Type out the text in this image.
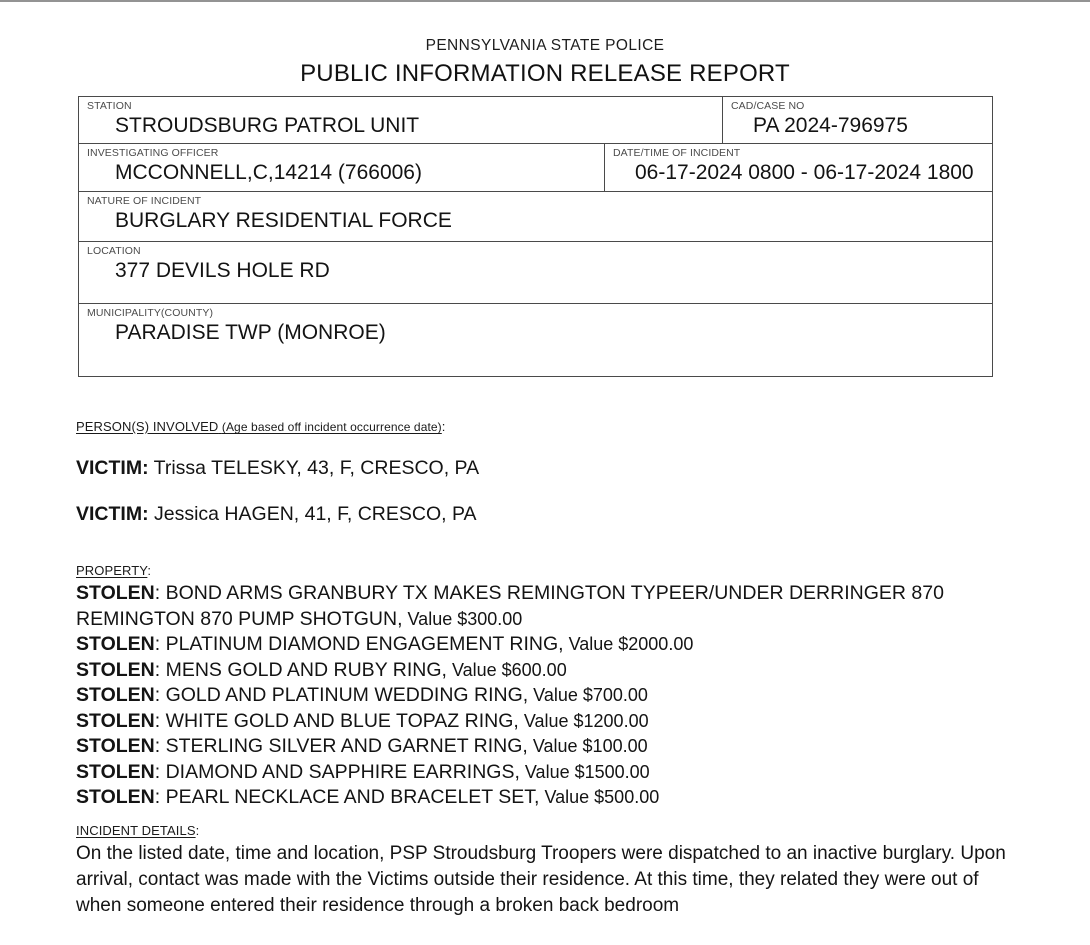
PENNSYLVANIA STATE POLICE
PUBLIC INFORMATION RELEASE REPORT
STATION
STROUDSBURG PATROL UNIT
CAD/CASE NO
PA 2024-796975
INVESTIGATING OFFICER
MCCONNELL,C,14214 (766006)
DATE/TIME OF INCIDENT
06-17-2024 0800 - 06-17-2024 1800
NATURE OF INCIDENT
BURGLARY RESIDENTIAL FORCE
LOCATION
377 DEVILS HOLE RD
MUNICIPALITY(COUNTY)
PARADISE TWP (MONROE)
PERSON(S) INVOLVED (Age based off incident occurrence date):
VICTIM: Trissa TELESKY, 43, F, CRESCO, PA
VICTIM: Jessica HAGEN, 41, F, CRESCO, PA
PROPERTY:
STOLEN: BOND ARMS GRANBURY TX MAKES REMINGTON TYPEER/UNDER DERRINGER 870 REMINGTON 870 PUMP SHOTGUN, Value $300.00
STOLEN: PLATINUM DIAMOND ENGAGEMENT RING, Value $2000.00
STOLEN: MENS GOLD AND RUBY RING, Value $600.00
STOLEN: GOLD AND PLATINUM WEDDING RING, Value $700.00
STOLEN: WHITE GOLD AND BLUE TOPAZ RING, Value $1200.00
STOLEN: STERLING SILVER AND GARNET RING, Value $100.00
STOLEN: DIAMOND AND SAPPHIRE EARRINGS, Value $1500.00
STOLEN: PEARL NECKLACE AND BRACELET SET, Value $500.00
INCIDENT DETAILS:
On the listed date, time and location, PSP Stroudsburg Troopers were dispatched to an inactive burglary. Upon arrival, contact was made with the Victims outside their residence. At this time, they related they were out of when someone entered their residence through a broken back bedroom
